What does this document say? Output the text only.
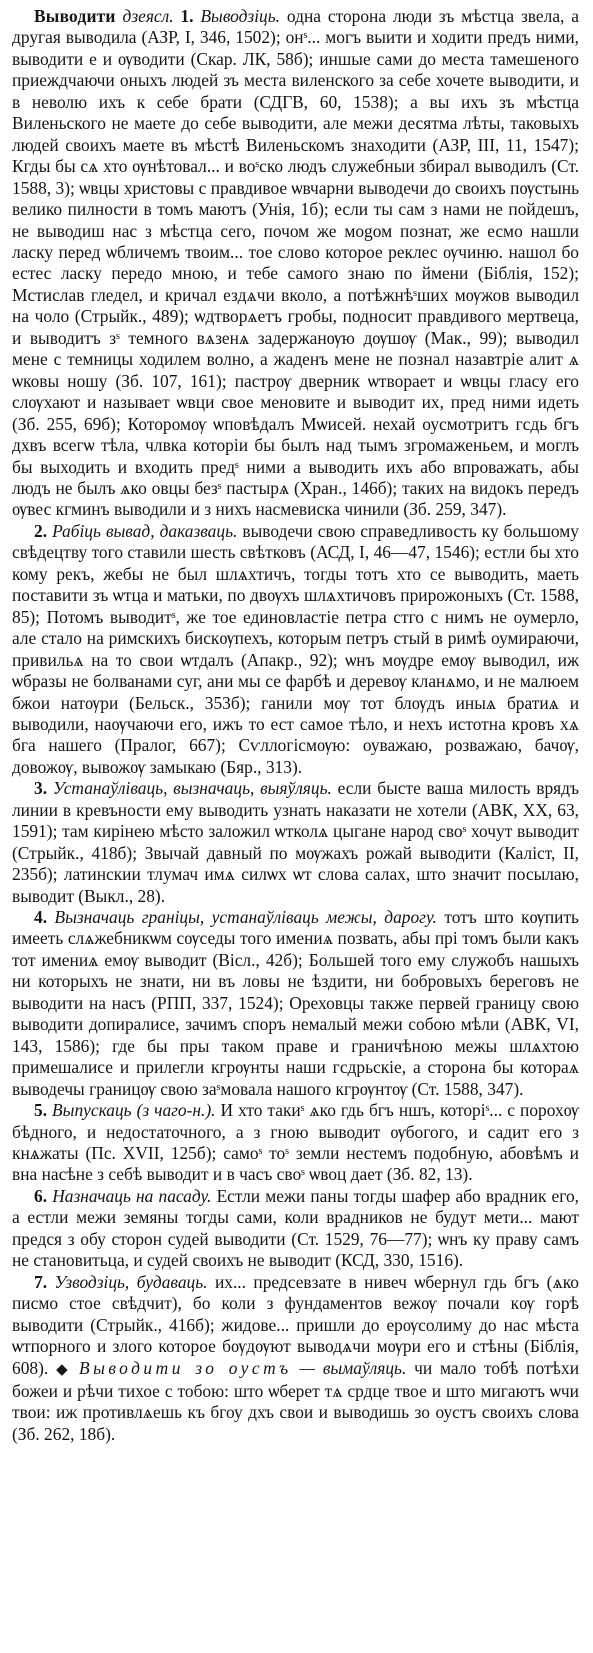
Выводити дзеясл. 1. Выводзіць. одна сторона люди зъ мѣстца звела, а другая выводила (АЗР, I, 346, 1502); онˢ... могъ выити и ходити предъ ними, выводити е и ѹводити (Скар. ЛК, 58б); иншые сами до места тамешеного приеждчаючи оныхъ людей зъ места виленского за себе хочете выводити, и в неволю ихъ к себе брати (СДГВ, 60, 1538); а вы ихъ зъ мѣстца Виленьского не маете до себе выводити, але межи десятма лѣты, таковыхъ людей своихъ маете въ мѣстѣ Виленьскомъ знаходити (АЗР, III, 11, 1547); Кгды бы сѧ хто ѹнѣтовал... и воˢско людъ служебныи збирал выводилъ (Ст. 1588, 3); ѡвцы христовы с правдивое ѡвчарни выводечи до своихъ пѹстынь велико пилности в томъ маютъ (Унія, 1б); если ты сам з нами не пойдешъ, не выводиш нас з мѣстца сего, почом же моgом познат, же есмо нашли ласку перед ѡбличемъ твоим... тое слово которое реклес ѹчиню. нашол бо естес ласку передо мною, и тебе самого знаю по ймени (Біблія, 152); Мстислав гледел, и кричал ездѧчи вколо, а потѣжнѣˢших мѹжов выводил на чоло (Стрыйк., 489); ѡдтворѧетъ гробы, подносит правдивого мертвеца, и выводитъ зˢ темного вѧзенѧ задержанѹю дѹшѹ (Мак., 99); выводил мене с темницы ходилем волно, а жаденъ мене не познал назавтріе алит ѧ ѡковы ношу (Зб. 107, 161); пастрѹ дверник ѡтворает и ѡвцы гласу его слѹхают и называет ѡвци свое меновите и выводит их, пред ними идеть (Зб. 255, 69б); Которомѹ ѡповѣдалъ Мѡисей. нехай оусмотритъ гсдь бгъ дхвъ всегѡ тѣла, члвка которіи бы былъ над тымъ згромаженьем, и моглъ бы выходить и входить предˢ ними а выводить ихъ або впроважать, абы людъ не былъ ѧко овцы безˢ пастырѧ (Хран., 146б); таких на видокъ передъ ѹвес кгминъ выводили и з нихъ насмевиска чинили (Зб. 259, 347).

2. Рабіць вывад, даказваць. выводечи свою справедливость ку большому свѣдецтву того ставили шесть свѣтковъ (АСД, I, 46—47, 1546); естли бы хто кому рекъ, жебы не был шлѧхтичъ, тогды тотъ хто се выводить, маеть поставити зъ ѡтца и матьки, по двѹхъ шлѧхтичовъ прирожоныхъ (Ст. 1588, 85); Потомъ выводитˢ, же тое единовластіе петра стго с нимъ не оумерло, але стало на римскихъ бискѹпехъ, которым петръ стый в римѣ оумираючи, привильѧ на то свои ѡтдалъ (Апакр., 92); ѡнъ мѹдре емѹ выводил, иж ѡбразы не болванами суг, ани мы се фарбѣ и деревѹ кланѧмо, и не малюем бжои натѹри (Бельск., 353б); ганили мѹ тот блѹдъ иныѧ братиѧ и выводили, наѹчаючи его, ижъ то ест самое тѣло, и нехъ истотна кровъ хѧ бга нашего (Пралог, 667); Сѵллогісмѹю: оуважаю, розважаю, бачѹ, довожѹ, вывожѹ замыкаю (Бяр., 313).

3. Устанаўліваць, вызначаць, выяўляць. если бысте ваша милость врядъ линии в кревъности ему выводить узнать наказати не хотели (АВК, XX, 63, 1591); там кирінею мѣсто заложил ѡтколѧ цыгане народ своˢ хочут выводит (Стрыйк., 418б); Звычай давный по мѹжахъ рожай выводити (Каліст, II, 235б); латинскии тлумач имѧ силѡх ѡт слова салах, што значит посылаю, выводит (Выкл., 28).

4. Вызначаць граніцы, устанаўліваць межы, дарогу. тотъ што кѹпить имееть слѧжебникѡм сѹседы того имениѧ позвать, абы прі томъ были какъ тот имениѧ емѹ выводит (Вісл., 42б); Большей того ему служобъ нашыхъ ни которыхъ не знати, ни въ ловы не ѣздити, ни бобровыхъ береговъ не выводити на насъ (РПП, 337, 1524); Ореховцы также первей границу свою выводити допиралисе, зачимъ споръ немалый межи собою мѣли (АВК, VI, 143, 1586); где бы пры таком праве и граничѣною межы шлѧхтою примешалисе и прилегли кгрѹнты наши гсдрьскіе, а сторона бы котораѧ выводечы границѹ свою заˢмовала нашого кгрѹнтѹ (Ст. 1588, 347).

5. Выпускаць (з чаго-н.). И хто такиˢ ѧко гдь бгъ ншъ, которіˢ... с порохѹ бѣдного, и недостаточного, а з гною выводит ѹбогого, и садит его з кнѧжаты (Пс. XVII, 125б); самоˢ тоˢ земли нестемъ подобную, абовѣмъ и вна насѣне з себѣ выводит и в часъ своˢ ѡвоц дает (Зб. 82, 13).

6. Назначаць на пасаду. Естли межи паны тогды шафер або врадник его, а естли межи земяны тогды сами, коли врадников не будут мети... мают предся з обу сторон судей выводити (Ст. 1529, 76—77); ѡнъ ку праву самъ не становитьца, и судей своихъ не выводит (КСД, 330, 1516).

7. Узводзіць, будаваць. их... предсевзате в нивеч ѡбернул гдь бгъ (ѧко писмо стое свѣдчит), бо коли з фундаментов вежѹ почали кѹ горѣ выводити (Стрыйк., 416б); жидове... пришли до ерѹсолиму до нас мѣста ѡтпорного и злого которое бѹдѹют выводѧчи мѹри его и стѣны (Біблія, 608). ◆ Выводити зо оустъ — вымаўляць. чи мало тобѣ потѣхи божеи и рѣчи тихое с тобою: што ѡберет тѧ срдце твое и што мигаютъ ѡчи твои: иж противлѧешь къ бгоу дхъ свои и выводишь зо оустъ своихъ слова (Зб. 262, 18б).
